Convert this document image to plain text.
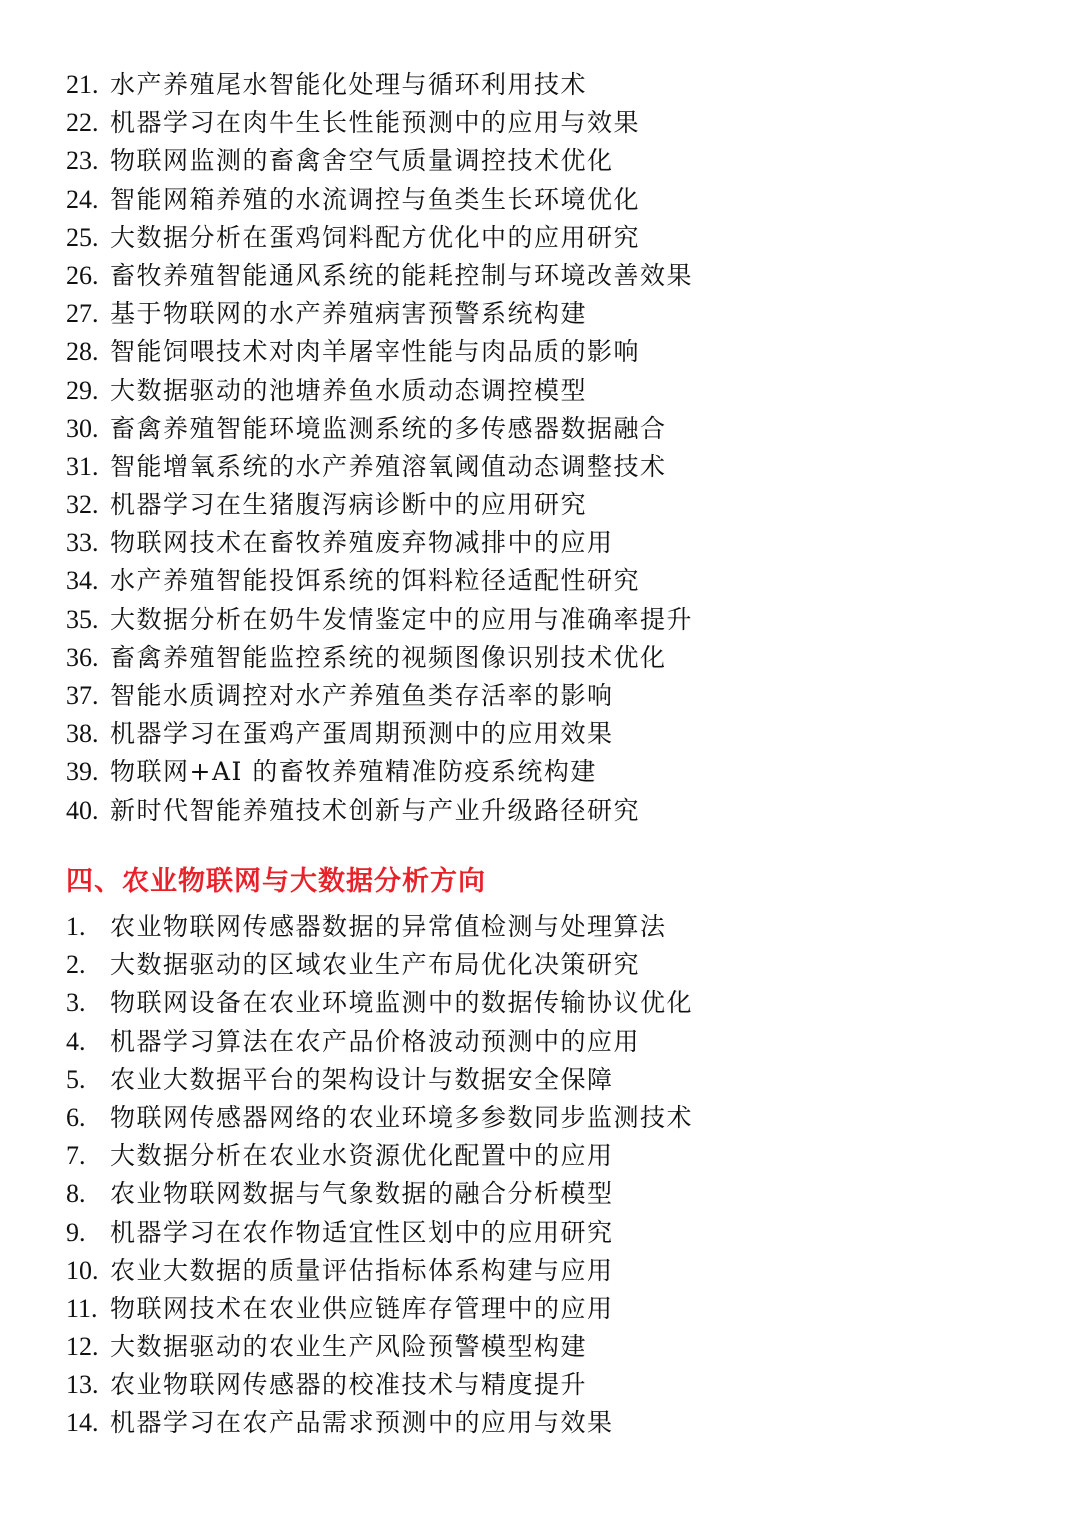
21. 水产养殖尾水智能化处理与循环利用技术
22. 机器学习在肉牛生长性能预测中的应用与效果
23. 物联网监测的畜禽舍空气质量调控技术优化
24. 智能网箱养殖的水流调控与鱼类生长环境优化
25. 大数据分析在蛋鸡饲料配方优化中的应用研究
26. 畜牧养殖智能通风系统的能耗控制与环境改善效果
27. 基于物联网的水产养殖病害预警系统构建
28. 智能饲喂技术对肉羊屠宰性能与肉品质的影响
29. 大数据驱动的池塘养鱼水质动态调控模型
30. 畜禽养殖智能环境监测系统的多传感器数据融合
31. 智能增氧系统的水产养殖溶氧阈值动态调整技术
32. 机器学习在生猪腹泻病诊断中的应用研究
33. 物联网技术在畜牧养殖废弃物减排中的应用
34. 水产养殖智能投饵系统的饵料粒径适配性研究
35. 大数据分析在奶牛发情鉴定中的应用与准确率提升
36. 畜禽养殖智能监控系统的视频图像识别技术优化
37. 智能水质调控对水产养殖鱼类存活率的影响
38. 机器学习在蛋鸡产蛋周期预测中的应用效果
39. 物联网+AI 的畜牧养殖精准防疫系统构建
40. 新时代智能养殖技术创新与产业升级路径研究
四、农业物联网与大数据分析方向
1. 农业物联网传感器数据的异常值检测与处理算法
2. 大数据驱动的区域农业生产布局优化决策研究
3. 物联网设备在农业环境监测中的数据传输协议优化
4. 机器学习算法在农产品价格波动预测中的应用
5. 农业大数据平台的架构设计与数据安全保障
6. 物联网传感器网络的农业环境多参数同步监测技术
7. 大数据分析在农业水资源优化配置中的应用
8. 农业物联网数据与气象数据的融合分析模型
9. 机器学习在农作物适宜性区划中的应用研究
10. 农业大数据的质量评估指标体系构建与应用
11. 物联网技术在农业供应链库存管理中的应用
12. 大数据驱动的农业生产风险预警模型构建
13. 农业物联网传感器的校准技术与精度提升
14. 机器学习在农产品需求预测中的应用与效果
